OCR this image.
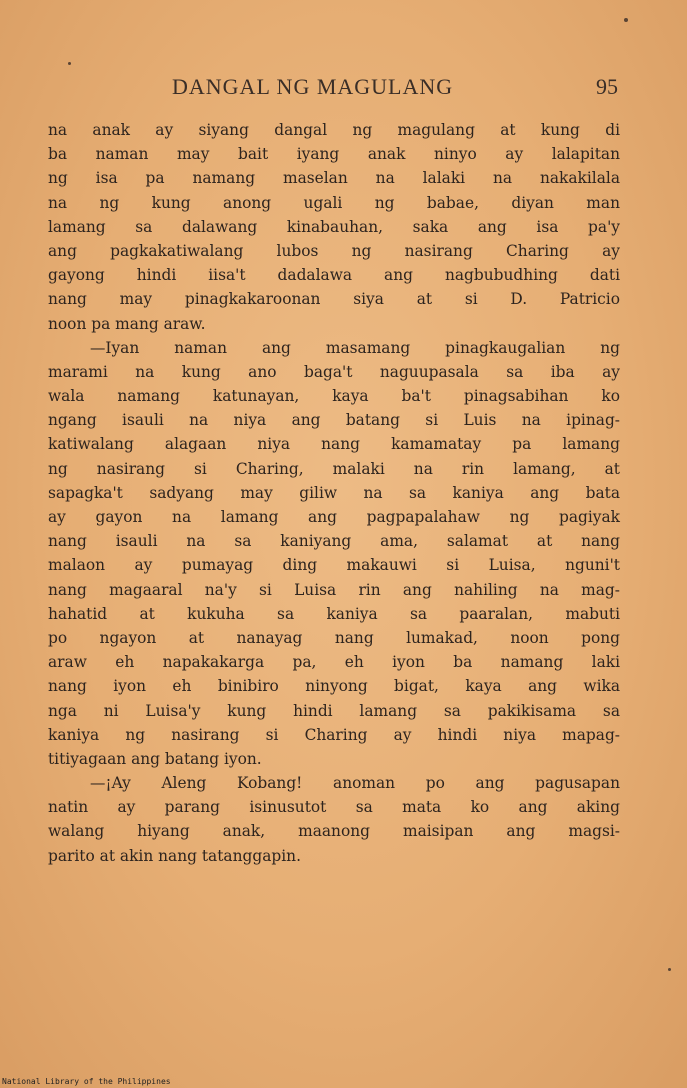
DANGAL NG MAGULANG	95
na anak ay siyang dangal ng magulang at kung di
ba naman may bait iyang anak ninyo ay lalapitan
ng isa pa namang maselan na lalaki na nakakilala
na ng kung anong ugali ng babae, diyan man
lamang sa dalawang kinabauhan, saka ang isa pa'y
ang pagkakatiwalang lubos ng nasirang Charing ay
gayong hindi iisa't dadalawa ang nagbubudhing dati
nang may pinagkakaroonan siya at si D. Patricio
noon pa mang araw.
—Iyan naman ang masamang pinagkaugalian ng
marami na kung ano baga't naguupasala sa iba ay
wala namang katunayan, kaya ba't pinagsabihan ko
ngang isauli na niya ang batang si Luis na ipinag-
katiwalang alagaan niya nang kamamatay pa lamang
ng nasirang si Charing, malaki na rin lamang, at
sapagka't sadyang may giliw na sa kaniya ang bata
ay gayon na lamang ang pagpapalahaw ng pagiyak
nang isauli na sa kaniyang ama, salamat at nang
malaon ay pumayag ding makauwi si Luisa, nguni't
nang magaaral na'y si Luisa rin ang nahiling na mag-
hahatid at kukuha sa kaniya sa paaralan, mabuti
po ngayon at nanayag nang lumakad, noon pong
araw eh napakakarga pa, eh iyon ba namang laki
nang iyon eh binibiro ninyong bigat, kaya ang wika
nga ni Luisa'y kung hindi lamang sa pakikisama sa
kaniya ng nasirang si Charing ay hindi niya mapag-
titiyagaan ang batang iyon.
—¡Ay Aleng Kobang! anoman po ang pagusapan
natin ay parang isinusutot sa mata ko ang aking
walang hiyang anak, maanong maisipan ang magsi-
parito at akin nang tatanggapin.
National Library of the Philippines
